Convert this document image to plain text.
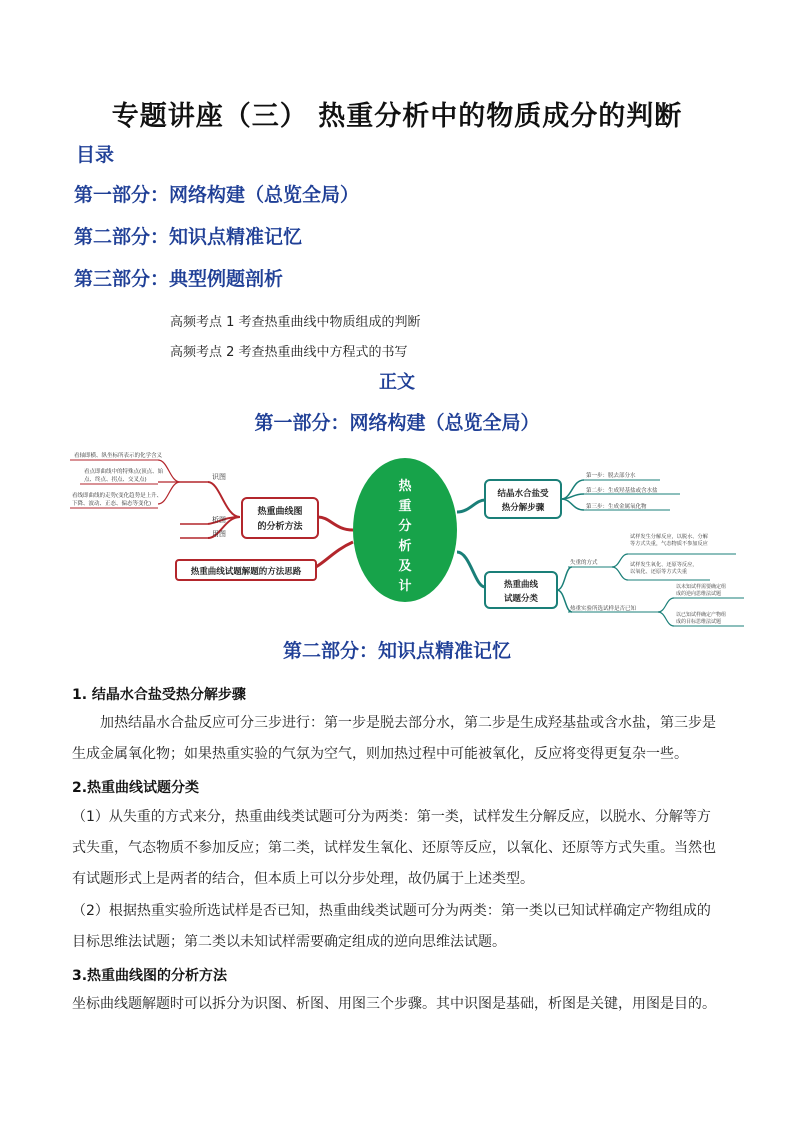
专题讲座（三） 热重分析中的物质成分的判断
目录
第一部分：网络构建（总览全局）
第二部分：知识点精准记忆
第三部分：典型例题剖析
高频考点 1 考查热重曲线中物质组成的判断
高频考点 2 考查热重曲线中方程式的书写
正文
第一部分：网络构建（总览全局）
热
重
分
析
及
计
热重曲线图
的分析方法
识图
析图
用图
看轴即横、纵坐标所表示的化学含义
看点即曲线中的特殊点(顶点、始
点、终点、拐点、交叉点)
看线即曲线的走势(变化趋势是上升、
下降、波动、正态、偏态等变化)
热重曲线试题解题的方法思路
结晶水合盐受
热分解步骤
第一步：脱去部分水
第二步：生成羟基盐或含水盐
第三步：生成金属氧化物
热重曲线
试题分类
失重的方式
热重实验所选试样是否已知
试样发生分解反应，以脱水、分解
等方式失重，气态物质不参加反应
试样发生氧化、还原等反应，
以氧化、还原等方式失重
以未知试样需要确定组
成的逆向思维法试题
以已知试样确定产物组
成的目标思维法试题
第二部分：知识点精准记忆
1. 结晶水合盐受热分解步骤
加热结晶水合盐反应可分三步进行：第一步是脱去部分水，第二步是生成羟基盐或含水盐，第三步是生成金属氧化物；如果热重实验的气氛为空气，则加热过程中可能被氧化，反应将变得更复杂一些。
2.热重曲线试题分类
（1）从失重的方式来分，热重曲线类试题可分为两类：第一类，试样发生分解反应，以脱水、分解等方式失重，气态物质不参加反应；第二类，试样发生氧化、还原等反应，以氧化、还原等方式失重。当然也有试题形式上是两者的结合，但本质上可以分步处理，故仍属于上述类型。
（2）根据热重实验所选试样是否已知，热重曲线类试题可分为两类：第一类以已知试样确定产物组成的目标思维法试题；第二类以未知试样需要确定组成的逆向思维法试题。
3.热重曲线图的分析方法
坐标曲线题解题时可以拆分为识图、析图、用图三个步骤。其中识图是基础，析图是关键，用图是目的。
